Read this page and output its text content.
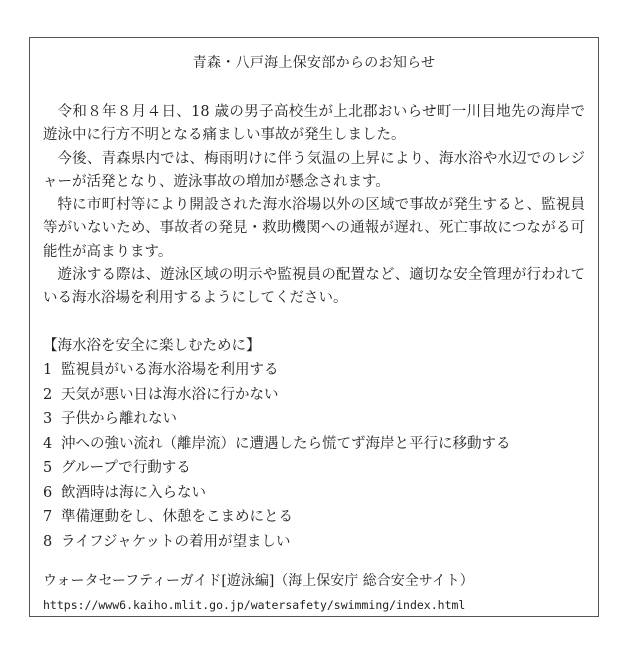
青森・八戸海上保安部からのお知らせ

令和８年８月４日、18 歳の男子高校生が上北郡おいらせ町一川目地先の海岸で遊泳中に行方不明となる痛ましい事故が発生しました。

今後、青森県内では、梅雨明けに伴う気温の上昇により、海水浴や水辺でのレジャーが活発となり、遊泳事故の増加が懸念されます。

特に市町村等により開設された海水浴場以外の区域で事故が発生すると、監視員等がいないため、事故者の発見・救助機関への通報が遅れ、死亡事故につながる可能性が高まります。

遊泳する際は、遊泳区域の明示や監視員の配置など、適切な安全管理が行われている海水浴場を利用するようにしてください。

【海水浴を安全に楽しむために】

1 監視員がいる海水浴場を利用する
2 天気が悪い日は海水浴に行かない
3 子供から離れない
4 沖への強い流れ（離岸流）に遭遇したら慌てず海岸と平行に移動する
5 グループで行動する
6 飲酒時は海に入らない
7 準備運動をし、休憩をこまめにとる
8 ライフジャケットの着用が望ましい

ウォータセーフティーガイド[遊泳編]（海上保安庁 総合安全サイト）

https://www6.kaiho.mlit.go.jp/watersafety/swimming/index.html
